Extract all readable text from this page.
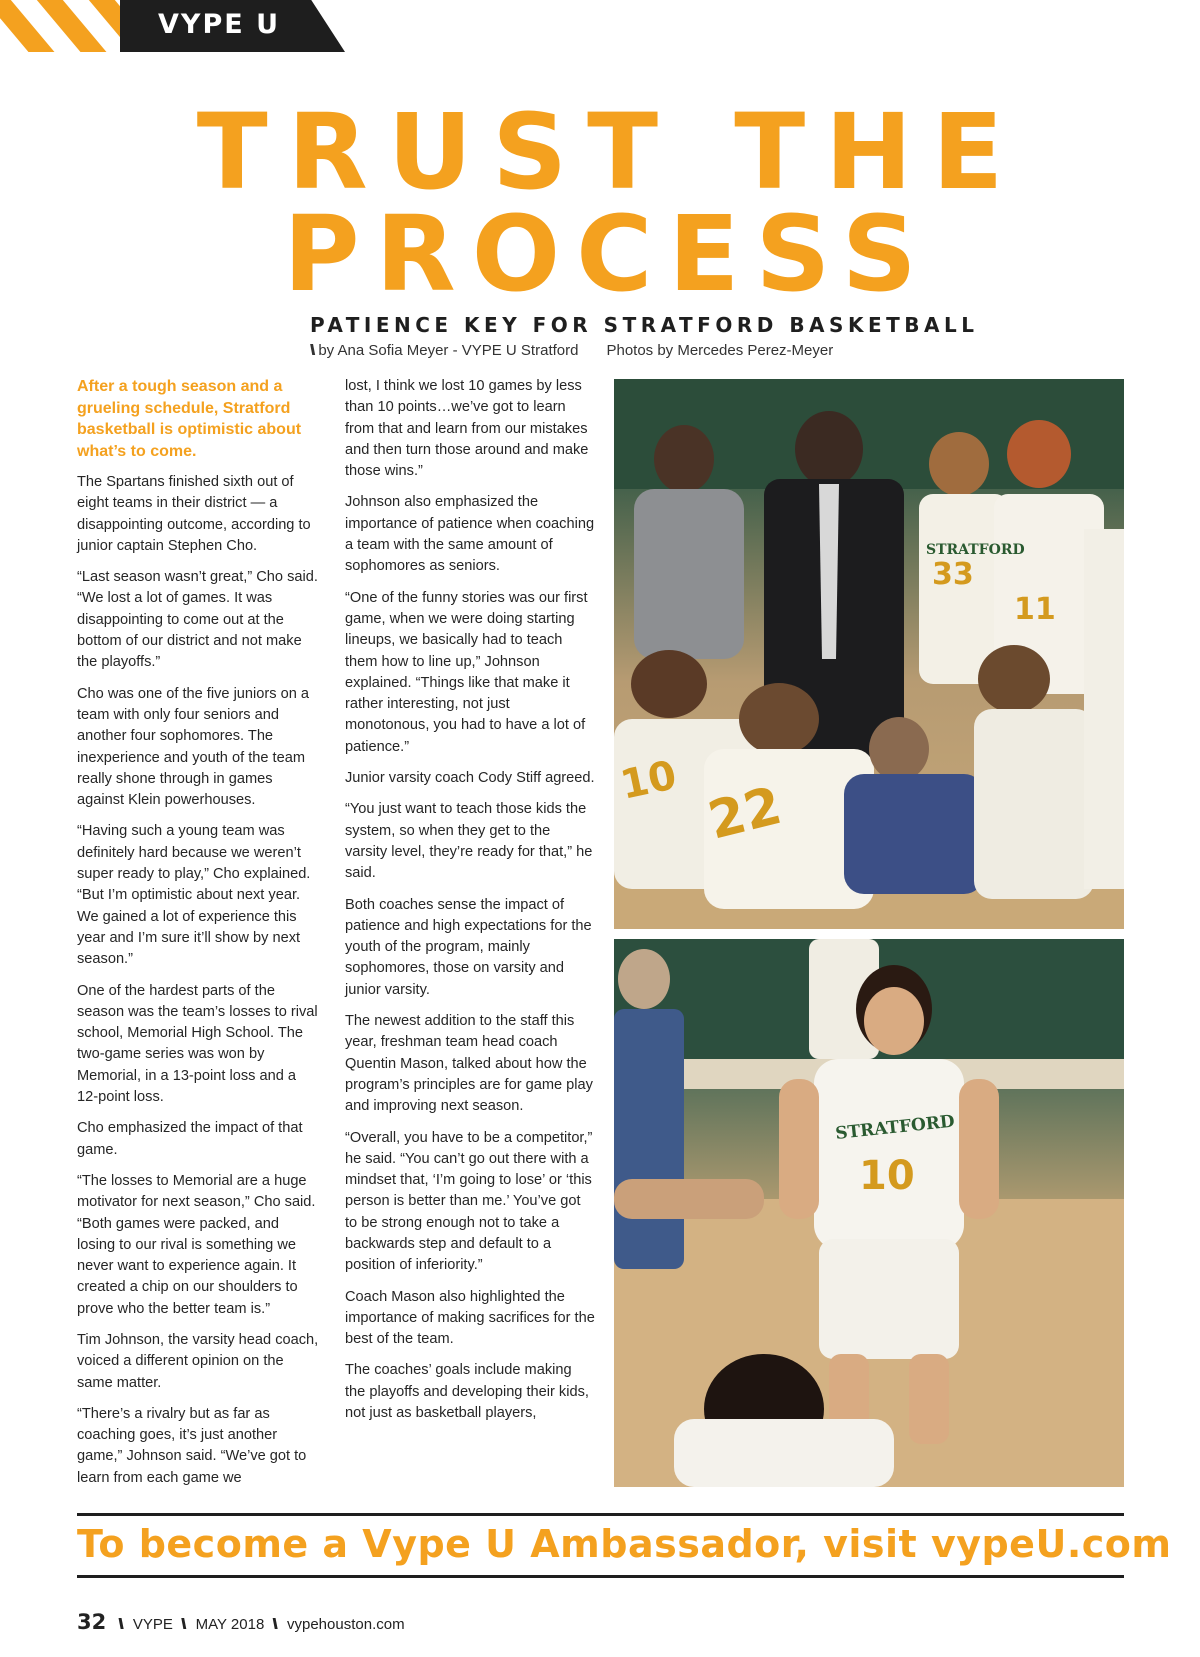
VYPE U
TRUST THE
PROCESS
PATIENCE KEY FOR STRATFORD BASKETBALL
\\ by Ana Sofia Meyer - VYPE U Stratford Photos by Mercedes Perez-Meyer

After a tough season and a grueling schedule, Stratford basketball is optimistic about what’s to come.

The Spartans finished sixth out of eight teams in their district — a disappointing outcome, according to junior captain Stephen Cho.

“Last season wasn’t great,” Cho said. “We lost a lot of games. It was disappointing to come out at the bottom of our district and not make the playoffs.”

Cho was one of the five juniors on a team with only four seniors and another four sophomores. The inexperience and youth of the team really shone through in games against Klein powerhouses.

“Having such a young team was definitely hard because we weren’t super ready to play,” Cho explained. “But I’m optimistic about next year. We gained a lot of experience this year and I’m sure it’ll show by next season.”

One of the hardest parts of the season was the team’s losses to rival school, Memorial High School. The two-game series was won by Memorial, in a 13-point loss and a 12-point loss.

Cho emphasized the impact of that game.

“The losses to Memorial are a huge motivator for next season,” Cho said. “Both games were packed, and losing to our rival is something we never want to experience again. It created a chip on our shoulders to prove who the better team is.”

Tim Johnson, the varsity head coach, voiced a different opinion on the same matter.

“There’s a rivalry but as far as coaching goes, it’s just another game,” Johnson said. “We’ve got to learn from each game we

lost, I think we lost 10 games by less than 10 points…we’ve got to learn from that and learn from our mistakes and then turn those around and make those wins.”

Johnson also emphasized the importance of patience when coaching a team with the same amount of sophomores as seniors.

“One of the funny stories was our first game, when we were doing starting lineups, we basically had to teach them how to line up,” Johnson explained. “Things like that make it rather interesting, not just monotonous, you had to have a lot of patience.”

Junior varsity coach Cody Stiff agreed.

“You just want to teach those kids the system, so when they get to the varsity level, they’re ready for that,” he said.

Both coaches sense the impact of patience and high expectations for the youth of the program, mainly sophomores, those on varsity and junior varsity.

The newest addition to the staff this year, freshman team head coach Quentin Mason, talked about how the program’s principles are for game play and improving next season.

“Overall, you have to be a competitor,” he said. “You can’t go out there with a mindset that, ‘I’m going to lose’ or ‘this person is better than me.’ You’ve got to be strong enough not to take a backwards step and default to a position of inferiority.”

Coach Mason also highlighted the importance of making sacrifices for the best of the team.

The coaches’ goals include making the playoffs and developing their kids, not just as basketball players,

33
11
STRATFORD
10 22
STRATFORD
10
To become a Vype U Ambassador, visit vypeU.com
32 \\ VYPE \\ MAY 2018 \\ vypehouston.com
